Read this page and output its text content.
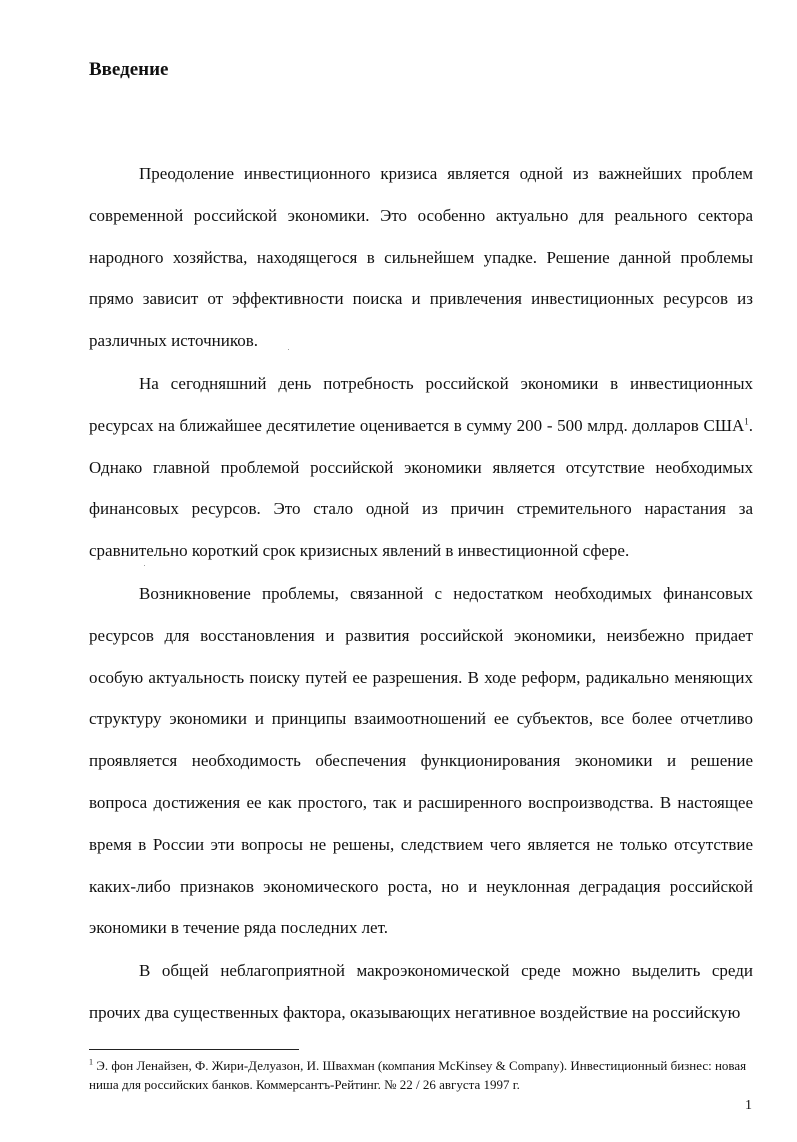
Введение

Преодоление инвестиционного кризиса является одной из важнейших проблем современной российской экономики. Это особенно актуально для реального сектора народного хозяйства, находящегося в сильнейшем упадке. Решение данной проблемы прямо зависит от эффективности поиска и привлечения инвестиционных ресурсов из различных источников.

На сегодняшний день потребность российской экономики в инвестиционных ресурсах на ближайшее десятилетие оценивается в сумму 200 - 500 млрд. долларов США$^1$. Однако главной проблемой российской экономики является отсутствие необходимых финансовых ресурсов. Это стало одной из причин стремительного нарастания за сравнительно короткий срок кризисных явлений в инвестиционной сфере.

Возникновение проблемы, связанной с недостатком необходимых финансовых ресурсов для восстановления и развития российской экономики, неизбежно придает особую актуальность поиску путей ее разрешения. В ходе реформ, радикально меняющих структуру экономики и принципы взаимоотношений ее субъектов, все более отчетливо проявляется необходимость обеспечения функционирования экономики и решение вопроса достижения ее как простого, так и расширенного воспроизводства. В настоящее время в России эти вопросы не решены, следствием чего является не только отсутствие каких-либо признаков экономического роста, но и неуклонная деградация российской экономики в течение ряда последних лет.

В общей неблагоприятной макроэкономической среде можно выделить среди прочих два существенных фактора, оказывающих негативное воздействие на российскую

$^1$ Э. фон Ленайзен, Ф. Жири-Делуазон, И. Швахман (компания McKinsey & Company). Инвестиционный бизнес: новая ниша для российских банков. Коммерсантъ-Рейтинг. № 22 / 26 августа 1997 г.

1
